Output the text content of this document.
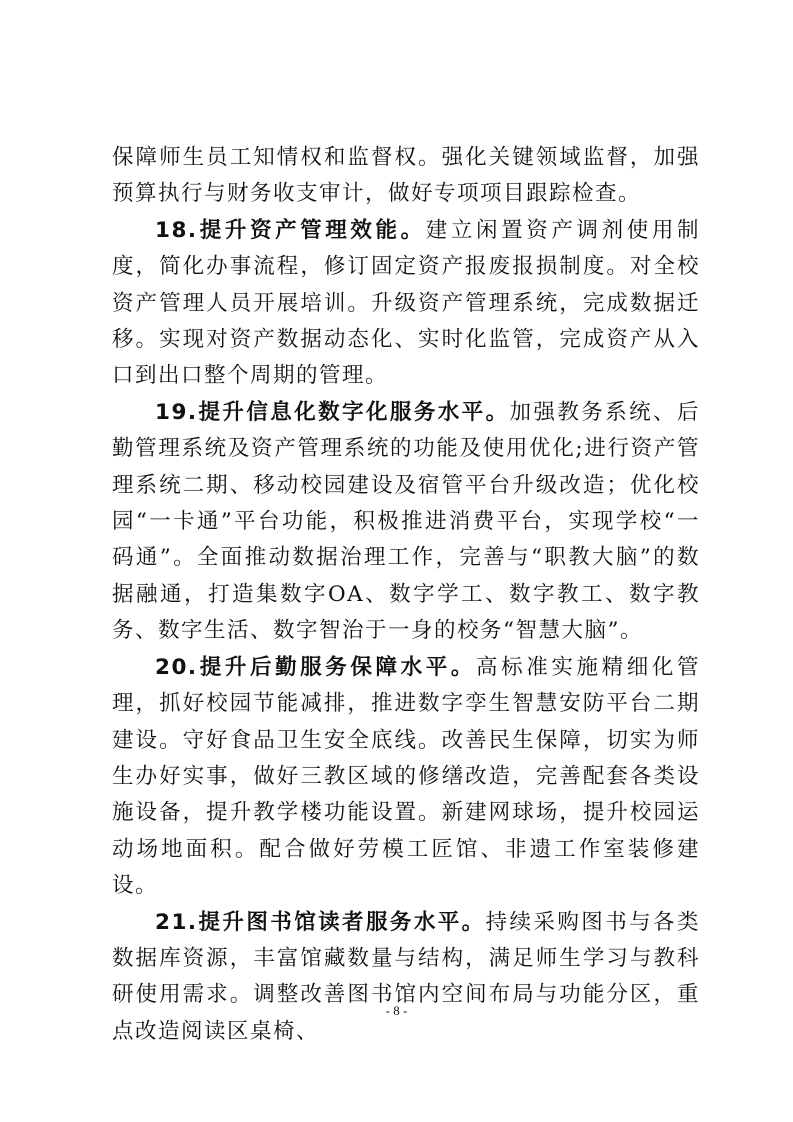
保障师生员工知情权和监督权。强化关键领域监督，加强预算执行与财务收支审计，做好专项项目跟踪检查。

18.提升资产管理效能。建立闲置资产调剂使用制度，简化办事流程，修订固定资产报废报损制度。对全校资产管理人员开展培训。升级资产管理系统，完成数据迁移。实现对资产数据动态化、实时化监管，完成资产从入口到出口整个周期的管理。

19.提升信息化数字化服务水平。加强教务系统、后勤管理系统及资产管理系统的功能及使用优化;进行资产管理系统二期、移动校园建设及宿管平台升级改造；优化校园“一卡通”平台功能，积极推进消费平台，实现学校“一码通”。全面推动数据治理工作，完善与“职教大脑”的数据融通，打造集数字OA、数字学工、数字教工、数字教务、数字生活、数字智治于一身的校务“智慧大脑”。

20.提升后勤服务保障水平。高标准实施精细化管理，抓好校园节能减排，推进数字孪生智慧安防平台二期建设。守好食品卫生安全底线。改善民生保障，切实为师生办好实事，做好三教区域的修缮改造，完善配套各类设施设备，提升教学楼功能设置。新建网球场，提升校园运动场地面积。配合做好劳模工匠馆、非遗工作室装修建设。

21.提升图书馆读者服务水平。持续采购图书与各类数据库资源，丰富馆藏数量与结构，满足师生学习与教科研使用需求。调整改善图书馆内空间布局与功能分区，重点改造阅读区桌椅、

- 8 -
